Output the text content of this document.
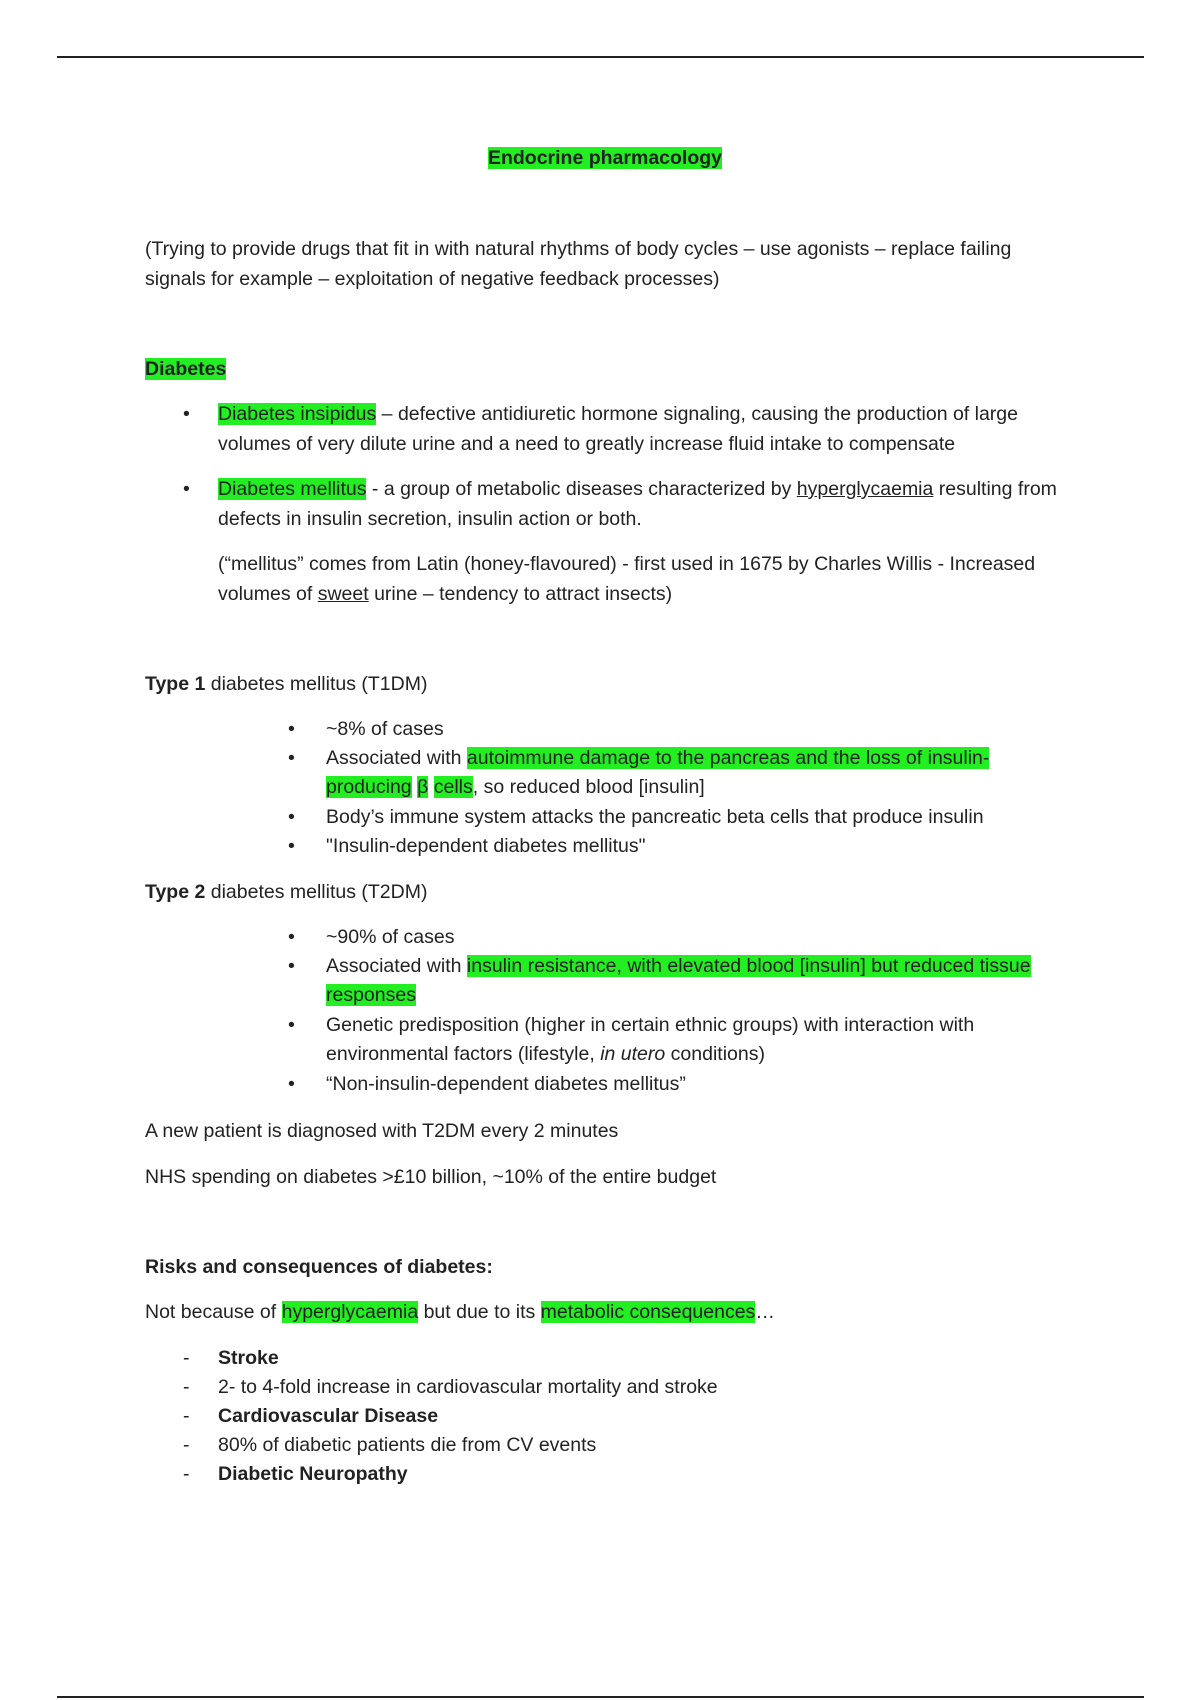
Endocrine pharmacology

(Trying to provide drugs that fit in with natural rhythms of body cycles – use agonists – replace failing signals for example – exploitation of negative feedback processes)

Diabetes

• Diabetes insipidus – defective antidiuretic hormone signaling, causing the production of large volumes of very dilute urine and a need to greatly increase fluid intake to compensate
• Diabetes mellitus - a group of metabolic diseases characterized by hyperglycaemia resulting from defects in insulin secretion, insulin action or both.
(“mellitus” comes from Latin (honey-flavoured) - first used in 1675 by Charles Willis - Increased volumes of sweet urine – tendency to attract insects)

Type 1 diabetes mellitus (T1DM)

• ~8% of cases
• Associated with autoimmune damage to the pancreas and the loss of insulin-producing β cells, so reduced blood [insulin]
• Body’s immune system attacks the pancreatic beta cells that produce insulin
• "Insulin-dependent diabetes mellitus"

Type 2 diabetes mellitus (T2DM)

• ~90% of cases
• Associated with insulin resistance, with elevated blood [insulin] but reduced tissue responses
• Genetic predisposition (higher in certain ethnic groups) with interaction with environmental factors (lifestyle, in utero conditions)
• “Non-insulin-dependent diabetes mellitus”

A new patient is diagnosed with T2DM every 2 minutes

NHS spending on diabetes >£10 billion, ~10% of the entire budget

Risks and consequences of diabetes:

Not because of hyperglycaemia but due to its metabolic consequences…

- Stroke
- 2- to 4-fold increase in cardiovascular mortality and stroke
- Cardiovascular Disease
- 80% of diabetic patients die from CV events
- Diabetic Neuropathy
